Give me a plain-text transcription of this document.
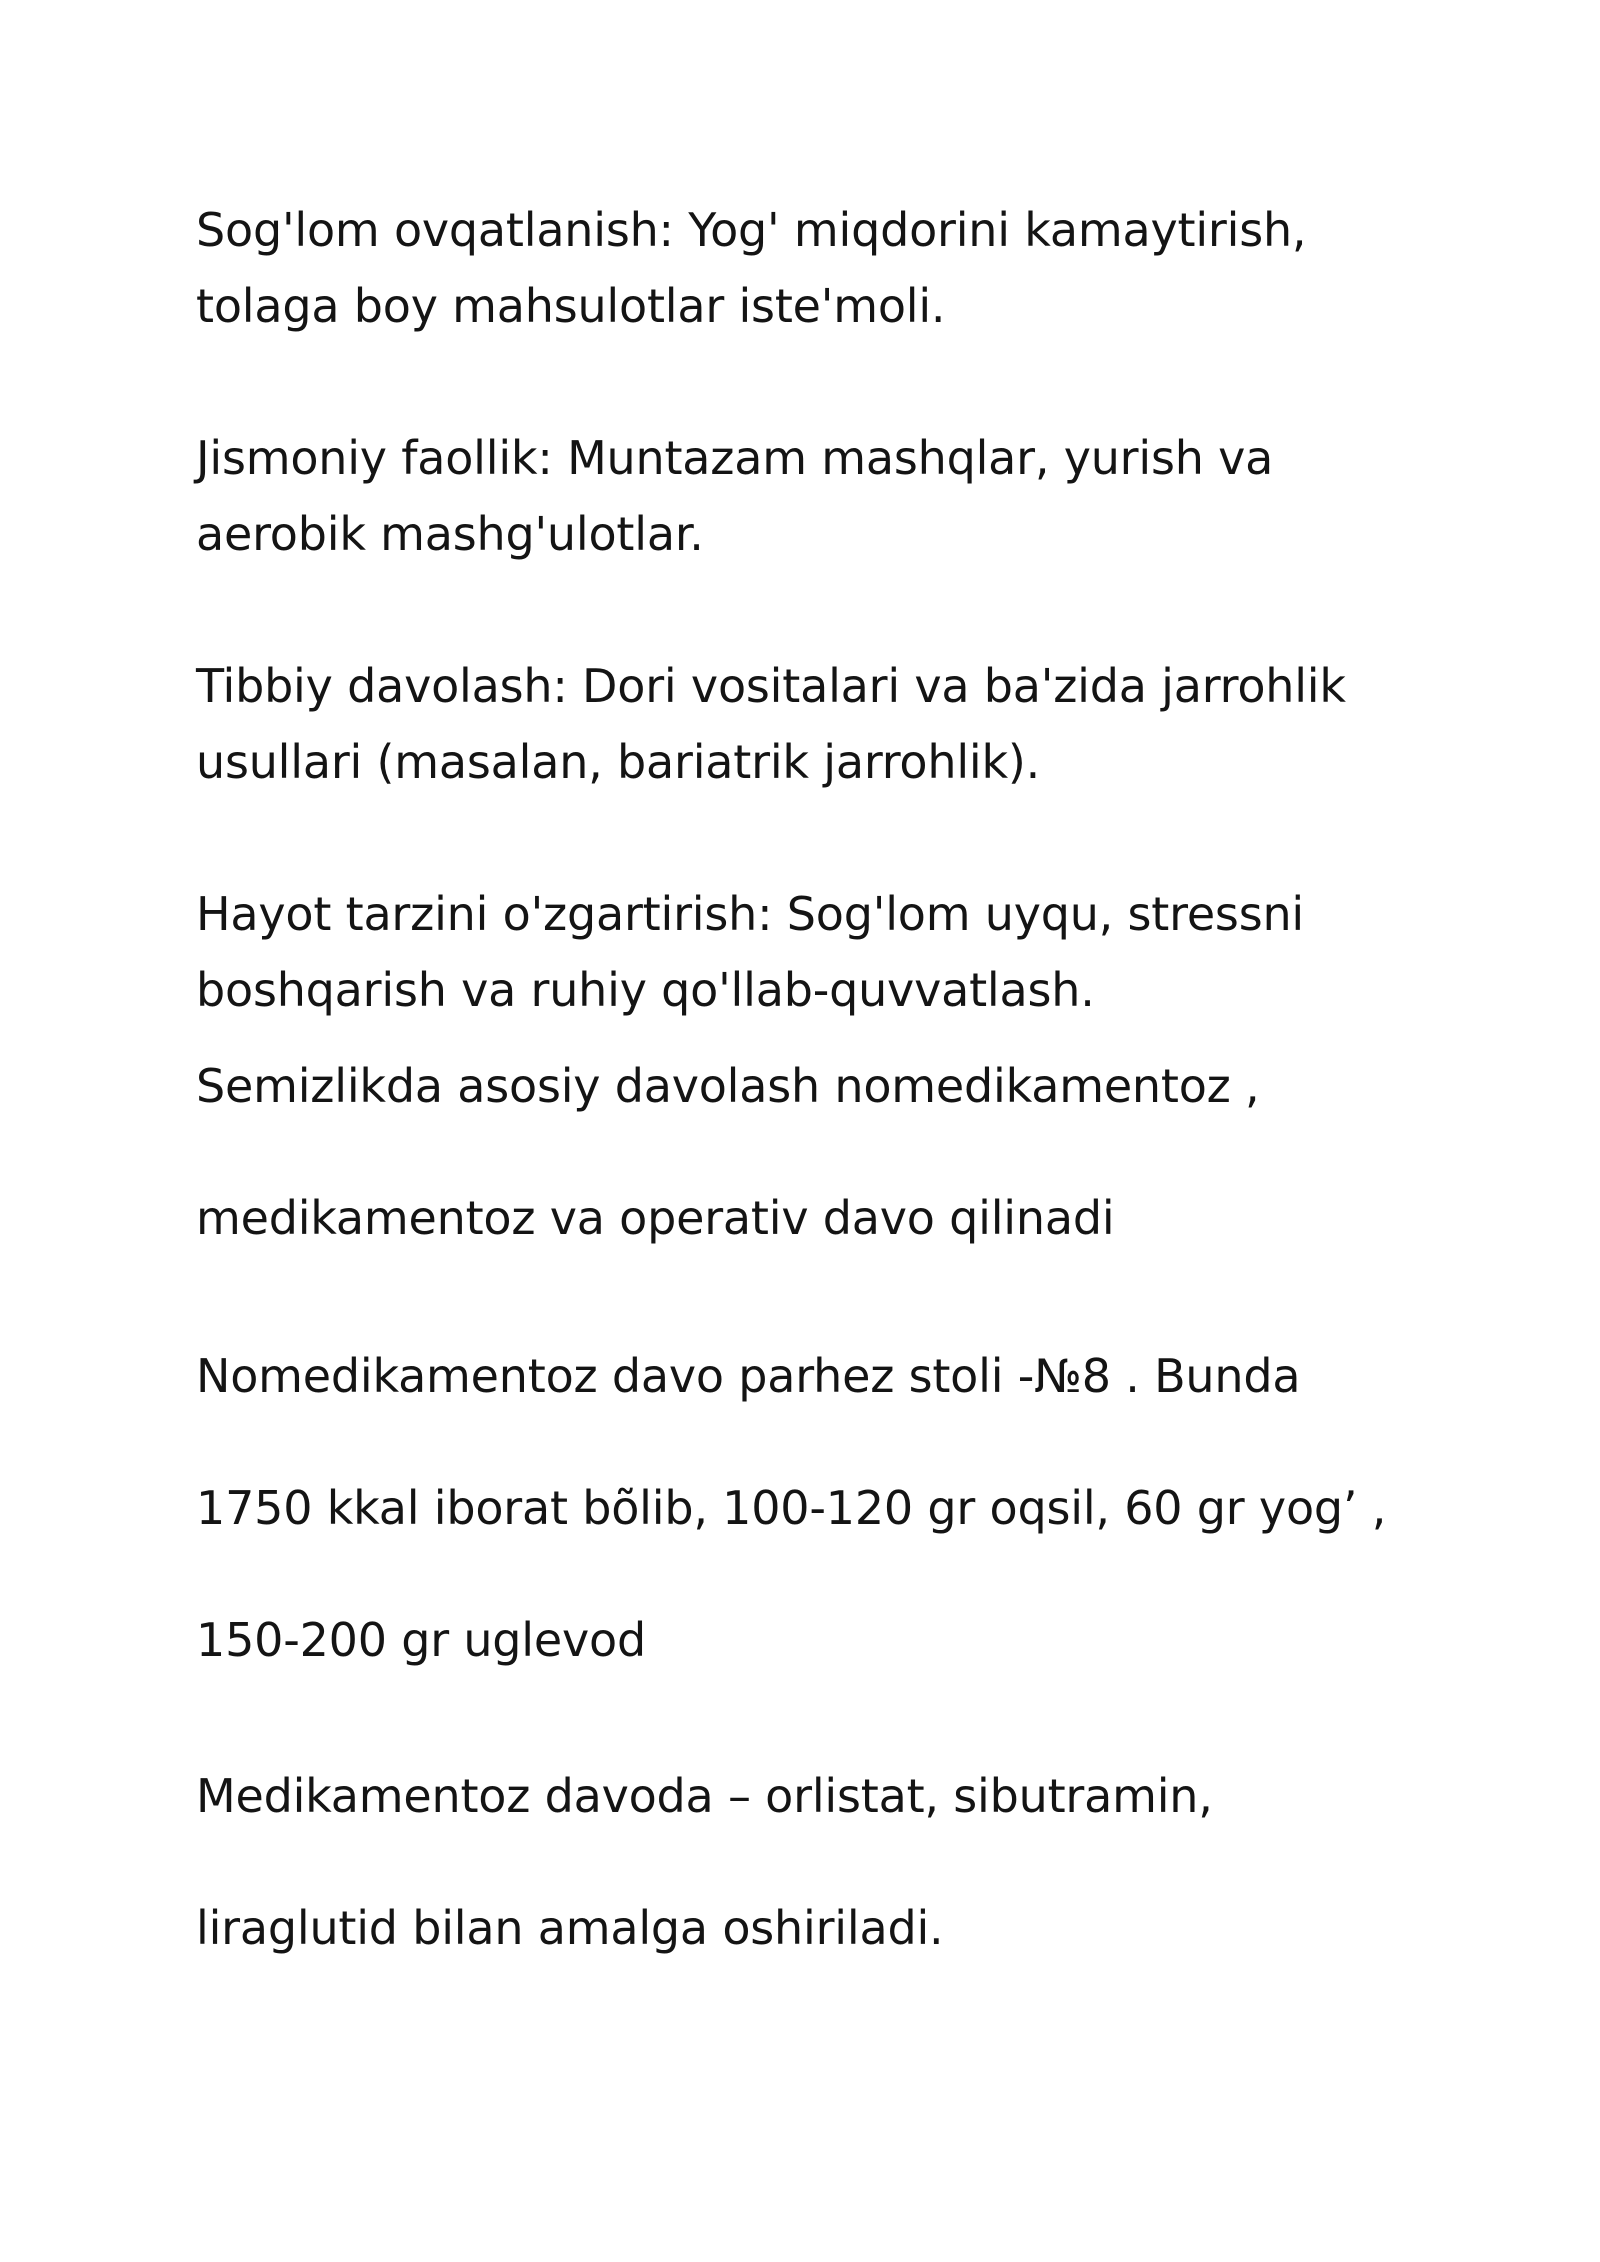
Sog'lom ovqatlanish: Yog' miqdorini kamaytirish,
tolaga boy mahsulotlar iste'moli.
Jismoniy faollik: Muntazam mashqlar, yurish va
aerobik mashg'ulotlar.
Tibbiy davolash: Dori vositalari va ba'zida jarrohlik
usullari (masalan, bariatrik jarrohlik).
Hayot tarzini o'zgartirish: Sog'lom uyqu, stressni
boshqarish va ruhiy qo'llab-quvvatlash.
Semizlikda asosiy davolash nomedikamentoz ,
medikamentoz va operativ davo qilinadi
Nomedikamentoz davo parhez stoli -№8 . Bunda
1750 kkal iborat bõlib, 100-120 gr oqsil, 60 gr yog’ ,
150-200 gr uglevod
Medikamentoz davoda – orlistat, sibutramin,
liraglutid bilan amalga oshiriladi.
